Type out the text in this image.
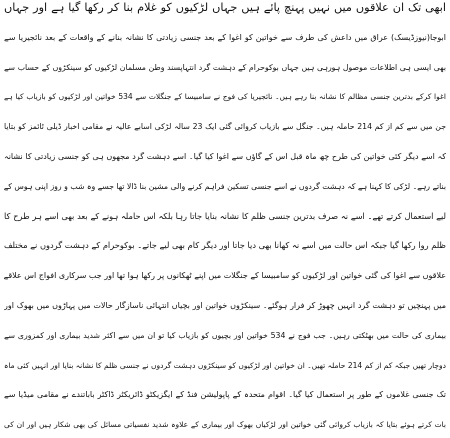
ابھی تک ان علاقوں میں نہیں پہنچ پائے ہیں جہاں لڑکیوں کو غلام بنا کر رکھا گیا ہے اور جہاں
ابوجا(نیوزڈیسک) عراق میں داعش کی طرف سے خواتین کو اغوا کے بعد جنسی زیادتی کا نشانہ بنانے کے واقعات کے بعد نائجیریا سے
بھی ایسی ہی اطلاعات موصول ہورہی ہیں جہاں بوکوحرام کے دہشت گرد انتہاپسند وطن مسلمان لڑکیوں کو سینکڑوں کے حساب سے
اغوا کرکے بدترین جنسی مظالم کا نشانہ بنا رہے ہیں۔ نائجیریا کی فوج نے سامبیسا کے جنگلات سے 534 خواتین اور لڑکیوں کو بازیاب کیا ہے
جن میں سے کم از کم 214 حاملہ ہیں۔ جنگل سے بازیاب کروائی گئی ایک 23 سالہ لڑکی اسابے عالیہ نے مقامی اخبار ڈیلی ٹائمز کو بتایا
کہ اسے دیگر کئی خواتین کی طرح چھ ماہ قبل اس کے گاؤں سے اغوا کیا گیا۔ اسے دہشت گرد مجھوں ہی کو جنسی زیادتی کا نشانہ
بناتے رہے۔ لڑکی کا کہنا ہے کہ دہشت گردوں نے اسے جنسی تسکین فراہم کرنے والی مشین بنا ڈالا تھا جسے وہ شب و روز اپنی ہوس کے
لیے استعمال کرتے تھے۔ اسے نہ صرف بدترین جنسی ظلم کا نشانہ بنایا جاتا رہا بلکہ اس حاملہ ہونے کے بعد بھی اسے ہر طرح کا
ظلم روا رکھا گیا جبکہ اس حالت میں اسے نہ کھانا بھی دیا جاتا اور دیگر کام بھی لیے جاتے۔ بوکوحرام کے دہشت گردوں نے مختلف
علاقوں سے اغوا کی گئی خواتین اور لڑکیوں کو سامبیسا کے جنگلات میں اپنے ٹھکانوں پر رکھا ہوا تھا اور جب سرکاری افواج اس علاقے
میں پہنچیں تو دہشت گرد انہیں چھوڑ کر فرار ہوگئے۔ سینکڑوں خواتین اور بچیاں انتہائی ناسازگار حالات میں پہاڑوں میں بھوک اور
بیماری کی حالت میں بھٹکتی رہیں۔ جب فوج نے 534 خواتین اور بچیوں کو بازیاب کیا تو ان میں سے اکثر شدید بیماری اور کمزوری سے
دوچار تھیں جبکہ کم از کم 214 حاملہ تھیں۔ ان خواتین اور لڑکیوں کو سینکڑوں دہشت گردوں نے جنسی ظلم کا نشانہ بنایا اور انہیں کئی ماہ
تک جنسی غلاموں کے طور پر استعمال کیا گیا۔ اقوام متحدہ کے پاپولیشن فنڈ کے ایگزیکٹو ڈائریکٹر ڈاکٹر باباتندے نے مقامی میڈیا سے
بات کرتے ہوئے بتایا کہ بازیاب کروائی گئی خواتین اور لڑکیاں بھوک اور بیماری کے علاوہ شدید نفسیاتی مسائل کی بھی شکار ہیں اور ان کی
